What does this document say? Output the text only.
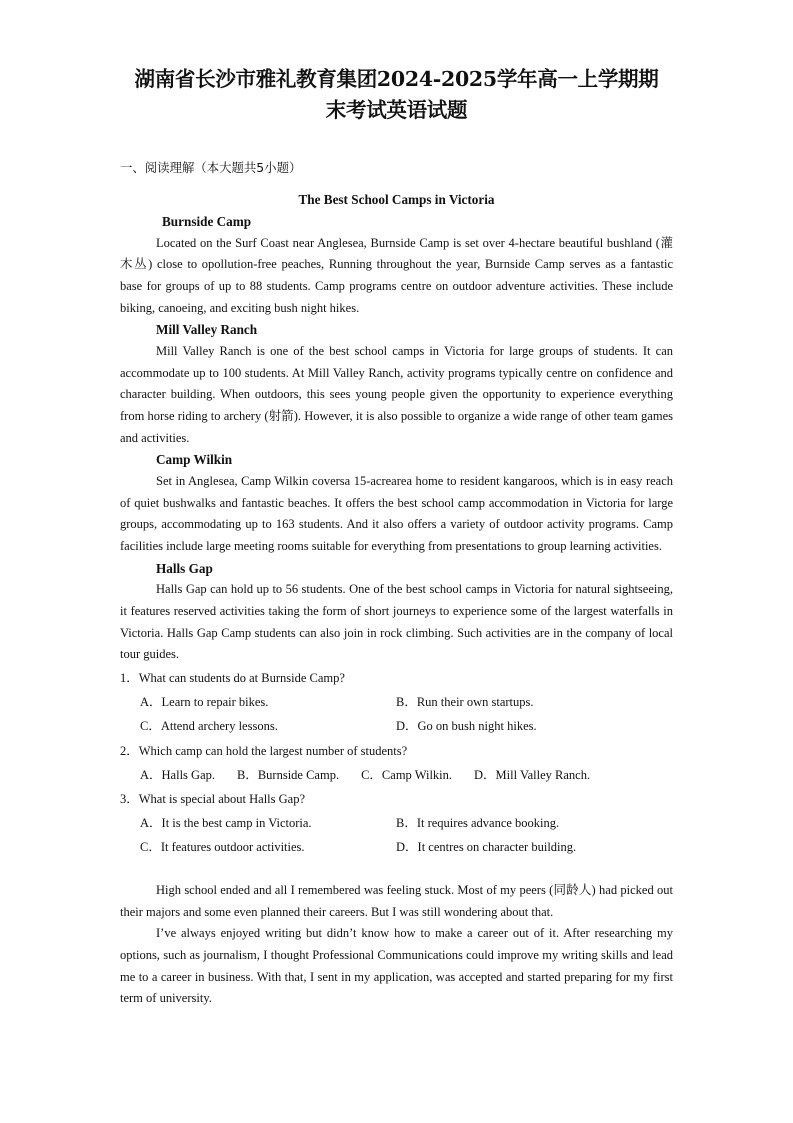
湖南省长沙市雅礼教育集团2024-2025学年高一上学期期
末考试英语试题
一、阅读理解（本大题共5小题）
The Best School Camps in Victoria
Burnside Camp

Located on the Surf Coast near Anglesea, Burnside Camp is set over 4-hectare beautiful bushland (灌木丛) close to opollution-free peaches, Running throughout the year, Burnside Camp serves as a fantastic base for groups of up to 88 students. Camp programs centre on outdoor adventure activities. These include biking, canoeing, and exciting bush night hikes.

Mill Valley Ranch

Mill Valley Ranch is one of the best school camps in Victoria for large groups of students. It can accommodate up to 100 students. At Mill Valley Ranch, activity programs typically centre on confidence and character building. When outdoors, this sees young people given the opportunity to experience everything from horse riding to archery (射箭). However, it is also possible to organize a wide range of other team games and activities.

Camp Wilkin

Set in Anglesea, Camp Wilkin coversa 15-acrearea home to resident kangaroos, which is in easy reach of quiet bushwalks and fantastic beaches. It offers the best school camp accommodation in Victoria for large groups, accommodating up to 163 students. And it also offers a variety of outdoor activity programs. Camp facilities include large meeting rooms suitable for everything from presentations to group learning activities.

Halls Gap

Halls Gap can hold up to 56 students. One of the best school camps in Victoria for natural sightseeing, it features reserved activities taking the form of short journeys to experience some of the largest waterfalls in Victoria. Halls Gap Camp students can also join in rock climbing. Such activities are in the company of local tour guides.

1．What can students do at Burnside Camp?
A．Learn to repair bikes.	B．Run their own startups.
C．Attend archery lessons.	D．Go on bush night hikes.
2．Which camp can hold the largest number of students?
A．Halls Gap. B．Burnside Camp. C．Camp Wilkin. D．Mill Valley Ranch.
3．What is special about Halls Gap?
A．It is the best camp in Victoria.	B．It requires advance booking.
C．It features outdoor activities.	D．It centres on character building.

High school ended and all I remembered was feeling stuck. Most of my peers (同龄人) had picked out their majors and some even planned their careers. But I was still wondering about that.

I’ve always enjoyed writing but didn’t know how to make a career out of it. After researching my options, such as journalism, I thought Professional Communications could improve my writing skills and lead me to a career in business. With that, I sent in my application, was accepted and started preparing for my first term of university.
